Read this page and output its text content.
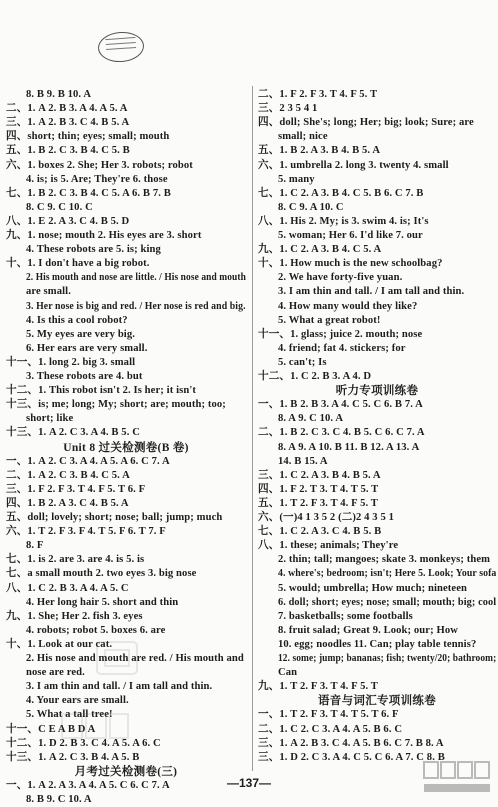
8. B 9. B 10. A
二、1. A 2. B 3. A 4. A 5. A
三、1. A 2. B 3. C 4. B 5. A
四、short; thin; eyes; small; mouth
五、1. B 2. C 3. B 4. C 5. B
六、1. boxes 2. She; Her 3. robots; robot
4. is; is 5. Are; They're 6. those
七、1. B 2. C 3. B 4. C 5. A 6. B 7. B
8. C 9. C 10. C
八、1. E 2. A 3. C 4. B 5. D
九、1. nose; mouth 2. His eyes are 3. short
4. These robots are 5. is; king
十、1. I don't have a big robot.
2. His mouth and nose are little. / His nose and mouth
are small.
3. Her nose is big and red. / Her nose is red and big.
4. Is this a cool robot?
5. My eyes are very big.
6. Her ears are very small.
十一、1. long 2. big 3. small
3. These robots are 4. but
十二、1. This robot isn't 2. Is her; it isn't
十三、is; me; long; My; short; are; mouth; too;
short; like
十三、1. A 2. C 3. A 4. B 5. C
Unit 8 过关检测卷(B 卷)
一、1. A 2. C 3. A 4. A 5. A 6. C 7. A
二、1. A 2. C 3. B 4. C 5. A
三、1. F 2. F 3. T 4. F 5. T 6. F
四、1. B 2. A 3. C 4. B 5. A
五、doll; lovely; short; nose; ball; jump; much
六、1. T 2. F 3. F 4. T 5. F 6. T 7. F
8. F
七、1. is 2. are 3. are 4. is 5. is
七、a small mouth 2. two eyes 3. big nose
八、1. C 2. B 3. A 4. A 5. C
4. Her long hair 5. short and thin
九、1. She; Her 2. fish 3. eyes
4. robots; robot 5. boxes 6. are
十、1. Look at our cat.
2. His nose and mouth are red. / His mouth and
nose are red.
3. I am thin and tall. / I am tall and thin.
4. Your ears are small.
5. What a tall tree!
十一、C E A B D A
十二、1. D 2. B 3. C 4. A 5. A 6. C
十三、1. A 2. C 3. B 4. A 5. B
月考过关检测卷(三)
一、1. A 2. A 3. A 4. A 5. C 6. C 7. A
8. B 9. C 10. A
二、1. F 2. F 3. T 4. F 5. T
三、2 3 5 4 1
四、doll; She's; long; Her; big; look; Sure; are
small; nice
五、1. B 2. A 3. B 4. B 5. A
六、1. umbrella 2. long 3. twenty 4. small
5. many
七、1. C 2. A 3. B 4. C 5. B 6. C 7. B
8. C 9. A 10. C
八、1. His 2. My; is 3. swim 4. is; It's
5. woman; Her 6. I'd like 7. our
九、1. C 2. A 3. B 4. C 5. A
十、1. How much is the new schoolbag?
2. We have forty-five yuan.
3. I am thin and tall. / I am tall and thin.
4. How many would they like?
5. What a great robot!
十一、1. glass; juice 2. mouth; nose
4. friend; fat 4. stickers; for
5. can't; Is
十二、1. C 2. B 3. A 4. D
听力专项训练卷
一、1. B 2. B 3. A 4. C 5. C 6. B 7. A
8. A 9. C 10. A
二、1. B 2. C 3. C 4. B 5. C 6. C 7. A
8. A 9. A 10. B 11. B 12. A 13. A
14. B 15. A
三、1. C 2. A 3. B 4. B 5. A
四、1. F 2. T 3. T 4. T 5. T
五、1. T 2. F 3. T 4. F 5. T
六、(一)4 1 3 5 2 (二)2 4 3 5 1
七、1. C 2. A 3. C 4. B 5. B
八、1. these; animals; They're
2. thin; tall; mangoes; skate 3. monkeys; them
4. where's; bedroom; isn't; Here 5. Look; Your sofa
5. would; umbrella; How much; nineteen
6. doll; short; eyes; nose; small; mouth; big; cool
7. basketballs; some footballs
8. fruit salad; Great 9. Look; our; How
10. egg; noodles 11. Can; play table tennis?
12. some; jump; bananas; fish; twenty/20; bathroom;
Can
九、1. T 2. F 3. T 4. F 5. T
语音与词汇专项训练卷
一、1. T 2. F 3. T 4. T 5. T 6. F
二、1. C 2. C 3. A 4. A 5. B 6. C
三、1. A 2. B 3. C 4. A 5. B 6. C 7. B 8. A
三、1. D 2. C 3. A 4. C 5. C 6. A 7. C 8. B
—137—
